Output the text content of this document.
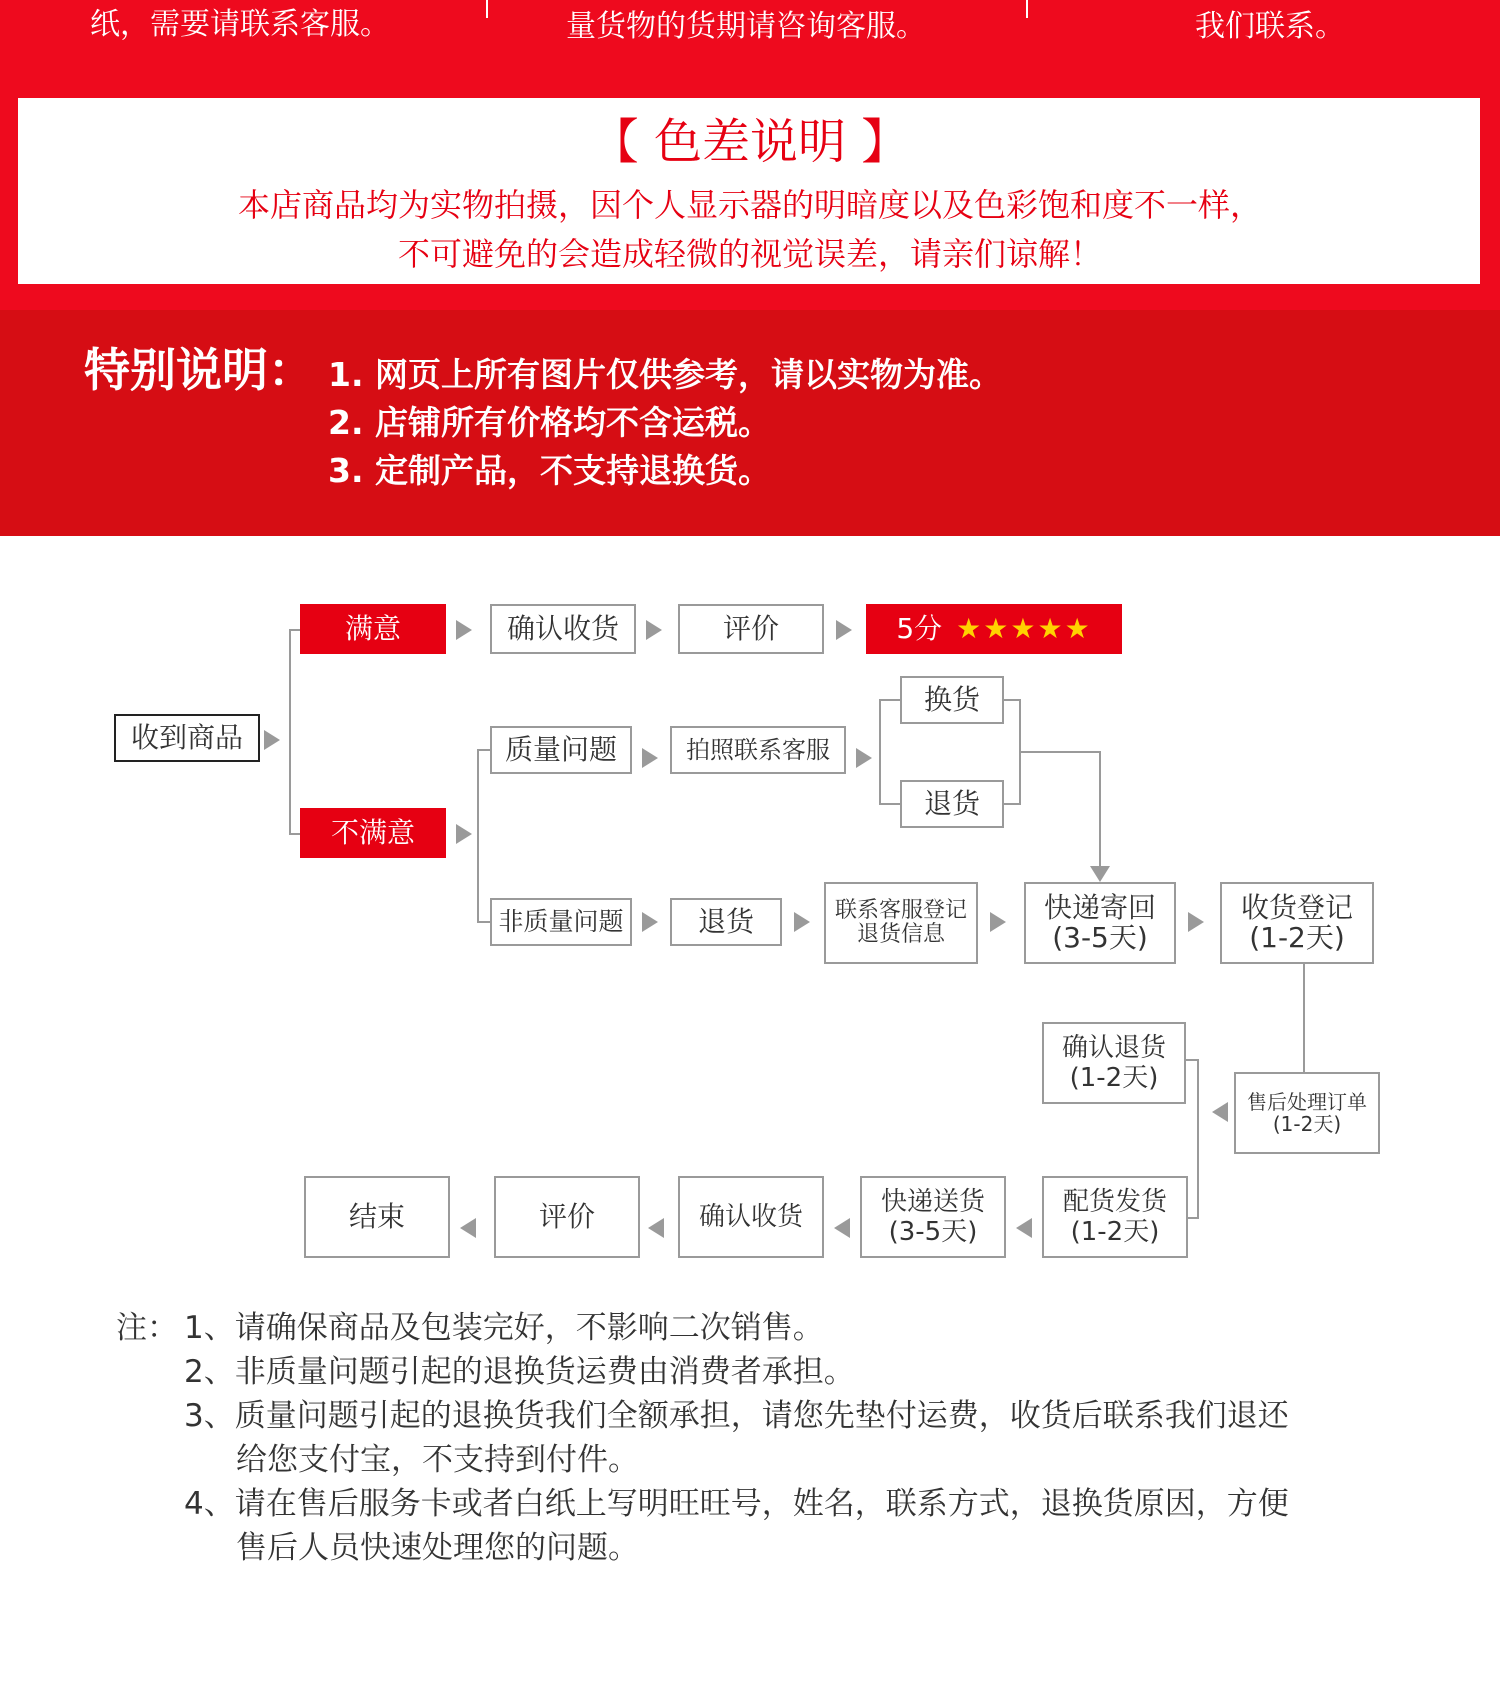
纸，需要请联系客服。	量货物的货期请咨询客服。	我们联系。
【 色差说明 】
本店商品均为实物拍摄，因个人显示器的明暗度以及色彩饱和度不一样，
不可避免的会造成轻微的视觉误差，请亲们谅解！
特别说明： 1. 网页上所有图片仅供参考，请以实物为准。
2. 店铺所有价格均不含运税。
3. 定制产品，不支持退换货。
满意	确认收货	评价	5分 ★★★★★
收到商品	质量问题	拍照联系客服
换货
退货
不满意
非质量问题	退货	联系客服登记
退货信息
快递寄回
(3-5天)
收货登记
(1-2天)
确认退货
(1-2天)
售后处理订单
(1-2天)
结束	评价	确认收货	快递送货
(3-5天)
配货发货
(1-2天)
注： 1、请确保商品及包装完好，不影响二次销售。
2、非质量问题引起的退换货运费由消费者承担。
3、质量问题引起的退换货我们全额承担，请您先垫付运费，收货后联系我们退还
给您支付宝，不支持到付件。
4、请在售后服务卡或者白纸上写明旺旺号，姓名，联系方式，退换货原因，方便
售后人员快速处理您的问题。
